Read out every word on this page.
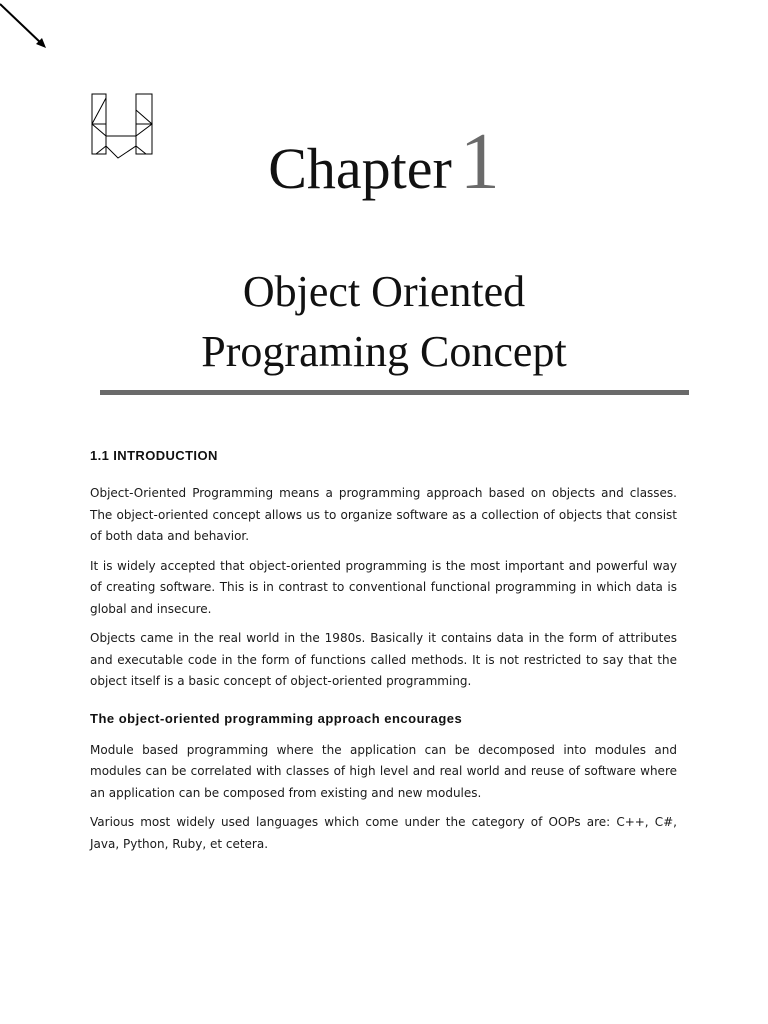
Chapter 1
Object Oriented
Programing Concept
1.1 INTRODUCTION

Object-Oriented Programming means a programming approach based on objects and classes. The object-oriented concept allows us to organize software as a collection of objects that consist of both data and behavior.

It is widely accepted that object-oriented programming is the most important and powerful way of creating software. This is in contrast to conventional functional programming in which data is global and insecure.

Objects came in the real world in the 1980s. Basically it contains data in the form of attributes and executable code in the form of functions called methods. It is not restricted to say that the object itself is a basic concept of object-oriented programming.

The object-oriented programming approach encourages

Module based programming where the application can be decomposed into modules and modules can be correlated with classes of high level and real world and reuse of software where an application can be composed from existing and new modules.

Various most widely used languages which come under the category of OOPs are: C++, C#, Java, Python, Ruby, et cetera.
